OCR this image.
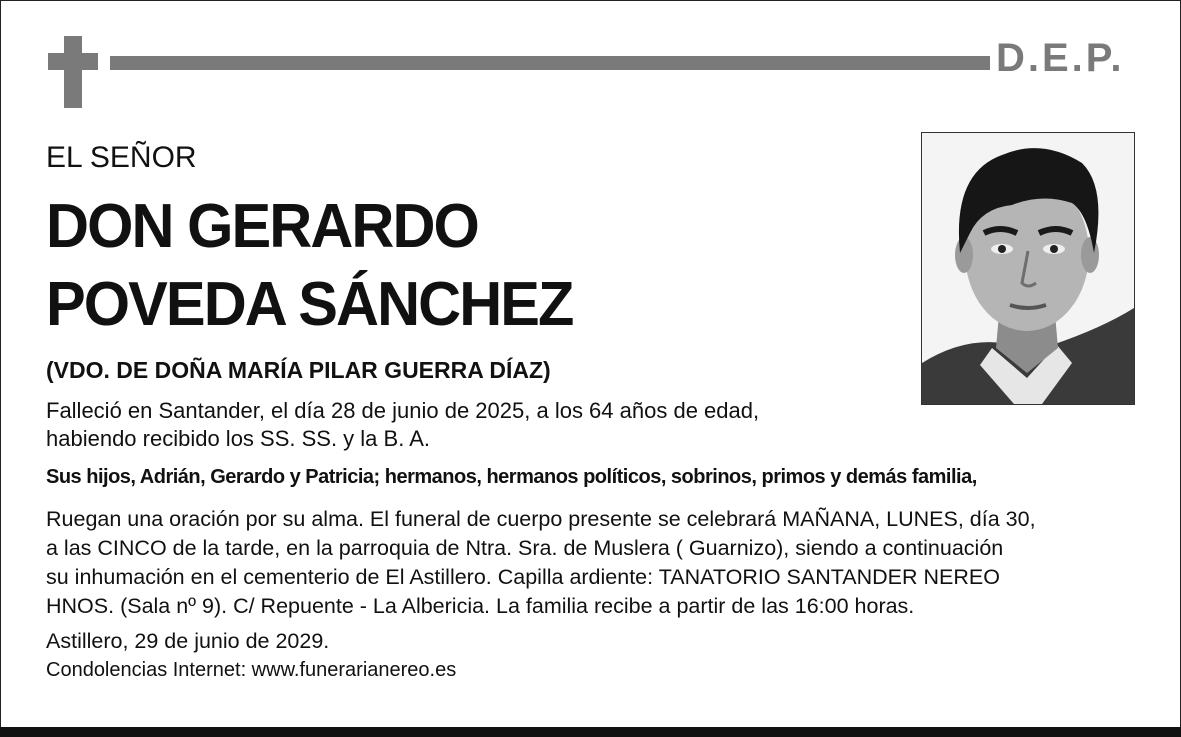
D.E.P.
EL SEÑOR
DON GERARDO
POVEDA SÁNCHEZ
(VDO. DE DOÑA MARÍA PILAR GUERRA DÍAZ)
Falleció en Santander, el día 28 de junio de 2025, a los 64 años de edad,
habiendo recibido los SS. SS. y la B. A.
Sus hijos, Adrián, Gerardo y Patricia; hermanos, hermanos políticos, sobrinos, primos y demás familia,
Ruegan una oración por su alma. El funeral de cuerpo presente se celebrará MAÑANA, LUNES, día 30,
a las CINCO de la tarde, en la parroquia de Ntra. Sra. de Muslera ( Guarnizo), siendo a continuación
su inhumación en el cementerio de El Astillero. Capilla ardiente: TANATORIO SANTANDER NEREO
HNOS. (Sala nº 9). C/ Repuente - La Albericia. La familia recibe a partir de las 16:00 horas.
Astillero, 29 de junio de 2029.
Condolencias Internet: www.funerarianereo.es
